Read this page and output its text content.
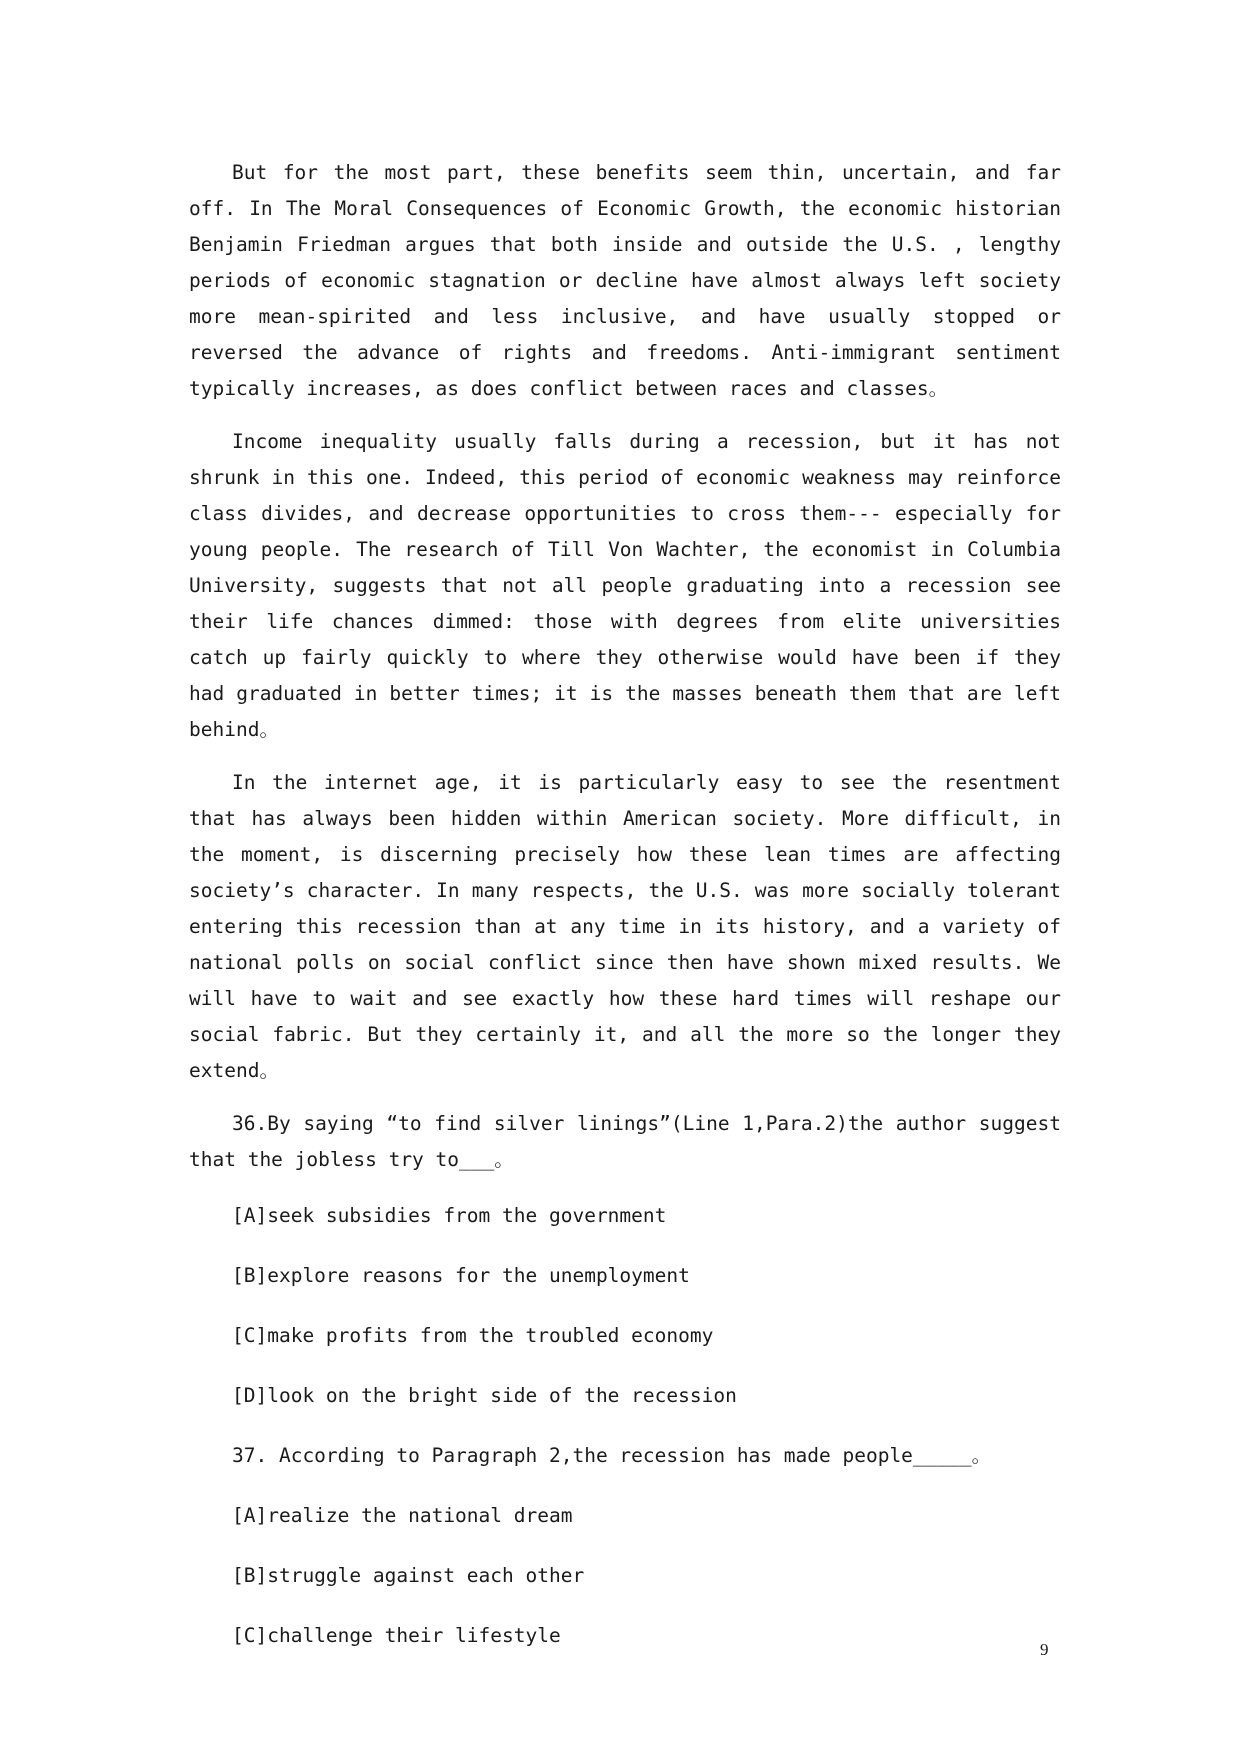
But for the most part, these benefits seem thin, uncertain, and far off. In The Moral Consequences of Economic Growth, the economic historian Benjamin Friedman argues that both inside and outside the U.S. , lengthy periods of economic stagnation or decline have almost always left society more mean-spirited and less inclusive, and have usually stopped or reversed the advance of rights and freedoms. Anti-immigrant sentiment typically increases, as does conflict between races and classes。

Income inequality usually falls during a recession, but it has not shrunk in this one. Indeed, this period of economic weakness may reinforce class divides, and decrease opportunities to cross them--- especially for young people. The research of Till Von Wachter, the economist in Columbia University, suggests that not all people graduating into a recession see their life chances dimmed: those with degrees from elite universities catch up fairly quickly to where they otherwise would have been if they had graduated in better times; it is the masses beneath them that are left behind。

In the internet age, it is particularly easy to see the resentment that has always been hidden within American society. More difficult, in the moment, is discerning precisely how these lean times are affecting society’s character. In many respects, the U.S. was more socially tolerant entering this recession than at any time in its history, and a variety of national polls on social conflict since then have shown mixed results. We will have to wait and see exactly how these hard times will reshape our social fabric. But they certainly it, and all the more so the longer they extend。

36.By saying “to find silver linings”(Line 1,Para.2)the author suggest that the jobless try to___。

[A]seek subsidies from the government
[B]explore reasons for the unemployment
[C]make profits from the troubled economy
[D]look on the bright side of the recession
37. According to Paragraph 2,the recession has made people_____。
[A]realize the national dream
[B]struggle against each other
[C]challenge their lifestyle
9
